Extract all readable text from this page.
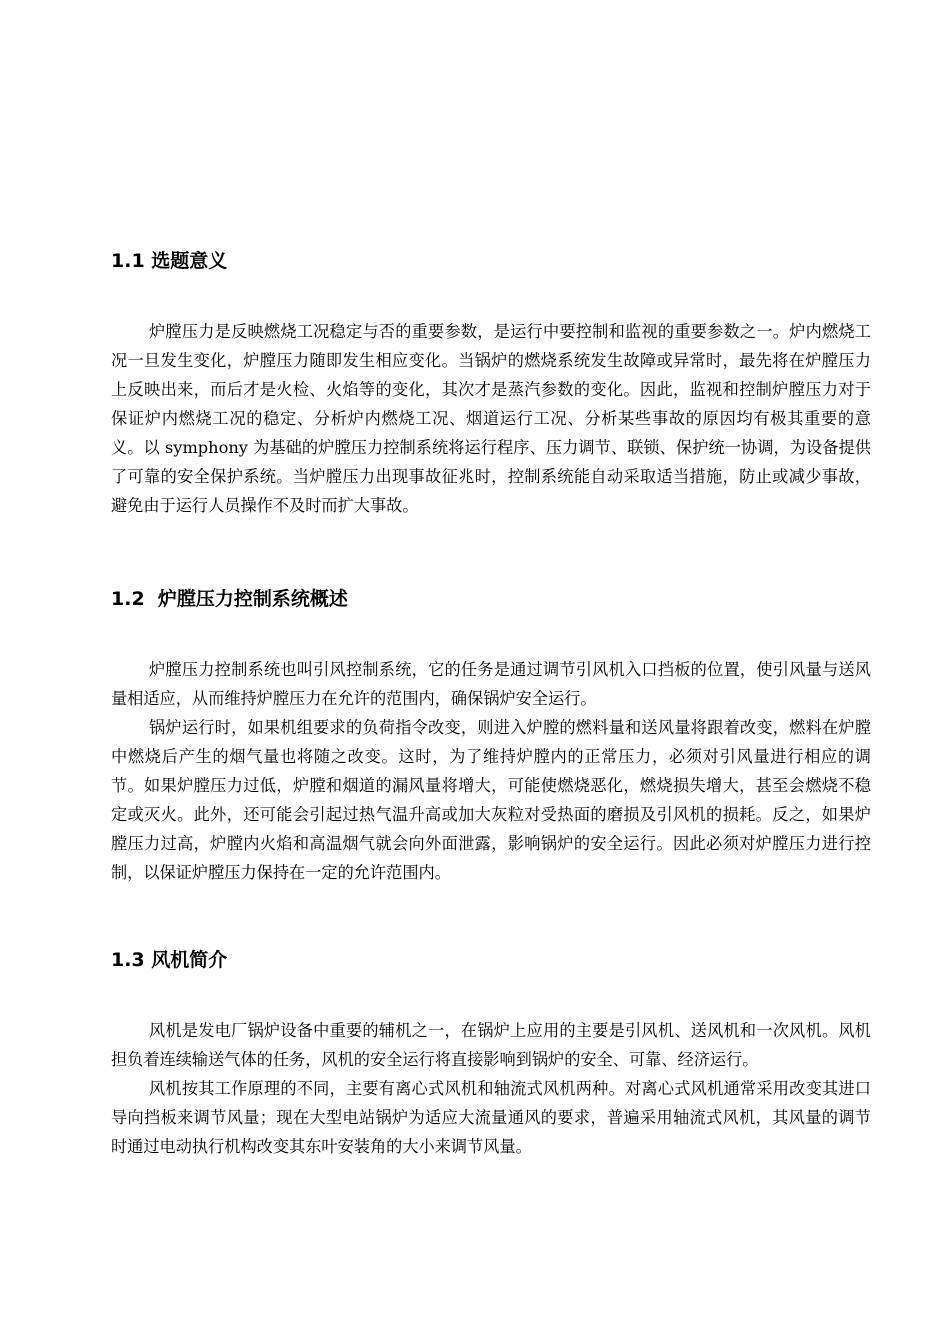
1.1 选题意义

炉膛压力是反映燃烧工况稳定与否的重要参数，是运行中要控制和监视的重要参数之一。炉内燃烧工况一旦发生变化，炉膛压力随即发生相应变化。当锅炉的燃烧系统发生故障或异常时，最先将在炉膛压力上反映出来，而后才是火检、火焰等的变化，其次才是蒸汽参数的变化。因此，监视和控制炉膛压力对于保证炉内燃烧工况的稳定、分析炉内燃烧工况、烟道运行工况、分析某些事故的原因均有极其重要的意义。以 symphony 为基础的炉膛压力控制系统将运行程序、压力调节、联锁、保护统一协调，为设备提供了可靠的安全保护系统。当炉膛压力出现事故征兆时，控制系统能自动采取适当措施，防止或减少事故，避免由于运行人员操作不及时而扩大事故。

1.2  炉膛压力控制系统概述

炉膛压力控制系统也叫引风控制系统，它的任务是通过调节引风机入口挡板的位置，使引风量与送风量相适应，从而维持炉膛压力在允许的范围内，确保锅炉安全运行。

锅炉运行时，如果机组要求的负荷指令改变，则进入炉膛的燃料量和送风量将跟着改变，燃料在炉膛中燃烧后产生的烟气量也将随之改变。这时，为了维持炉膛内的正常压力，必须对引风量进行相应的调节。如果炉膛压力过低，炉膛和烟道的漏风量将增大，可能使燃烧恶化，燃烧损失增大，甚至会燃烧不稳定或灭火。此外，还可能会引起过热气温升高或加大灰粒对受热面的磨损及引风机的损耗。反之，如果炉膛压力过高，炉膛内火焰和高温烟气就会向外面泄露，影响锅炉的安全运行。因此必须对炉膛压力进行控制，以保证炉膛压力保持在一定的允许范围内。

1.3 风机简介

风机是发电厂锅炉设备中重要的辅机之一，在锅炉上应用的主要是引风机、送风机和一次风机。风机担负着连续输送气体的任务，风机的安全运行将直接影响到锅炉的安全、可靠、经济运行。

风机按其工作原理的不同，主要有离心式风机和轴流式风机两种。对离心式风机通常采用改变其进口导向挡板来调节风量；现在大型电站锅炉为适应大流量通风的要求，普遍采用轴流式风机，其风量的调节时通过电动执行机构改变其东叶安装角的大小来调节风量。
